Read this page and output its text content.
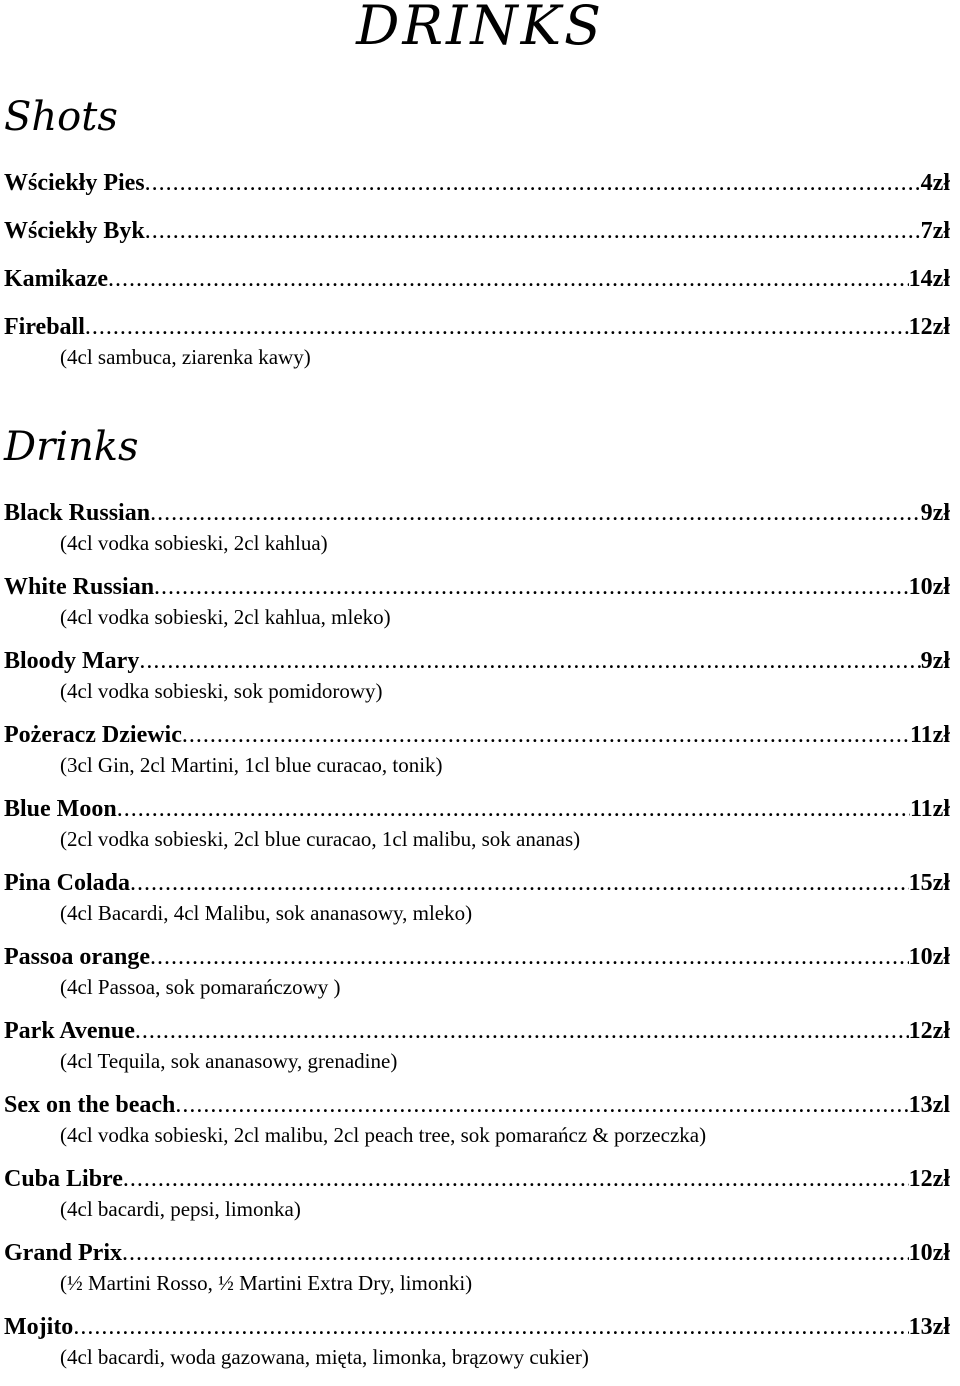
DRINKS
Shots
Wściekły Pies .....	4zł
Wściekły Byk .....	7zł
Kamikaze .....	14zł
Fireball .....	12zł
(4cl sambuca, ziarenka kawy)
Drinks
Black Russian .....	9zł
(4cl vodka sobieski, 2cl kahlua)
White Russian .....	10zł
(4cl vodka sobieski, 2cl kahlua, mleko)
Bloody Mary .....	9zł
(4cl vodka sobieski, sok pomidorowy)
Pożeracz Dziewic .....	11zł
(3cl Gin, 2cl Martini, 1cl blue curacao, tonik)
Blue Moon .....	11zł
(2cl vodka sobieski, 2cl blue curacao, 1cl malibu, sok ananas)
Pina Colada .....	15zł
(4cl Bacardi, 4cl Malibu, sok ananasowy, mleko)
Passoa orange .....	10zł
(4cl Passoa, sok pomarańczowy )
Park Avenue .....	12zł
(4cl Tequila, sok ananasowy, grenadine)
Sex on the beach .....	13zl
(4cl vodka sobieski, 2cl malibu, 2cl peach tree, sok pomarańcz & porzeczka)
Cuba Libre .....	12zł
(4cl bacardi, pepsi, limonka)
Grand Prix .....	10zł
(½ Martini Rosso, ½ Martini Extra Dry, limonki)
Mojito .....	13zł
(4cl bacardi, woda gazowana, mięta, limonka, brązowy cukier)
